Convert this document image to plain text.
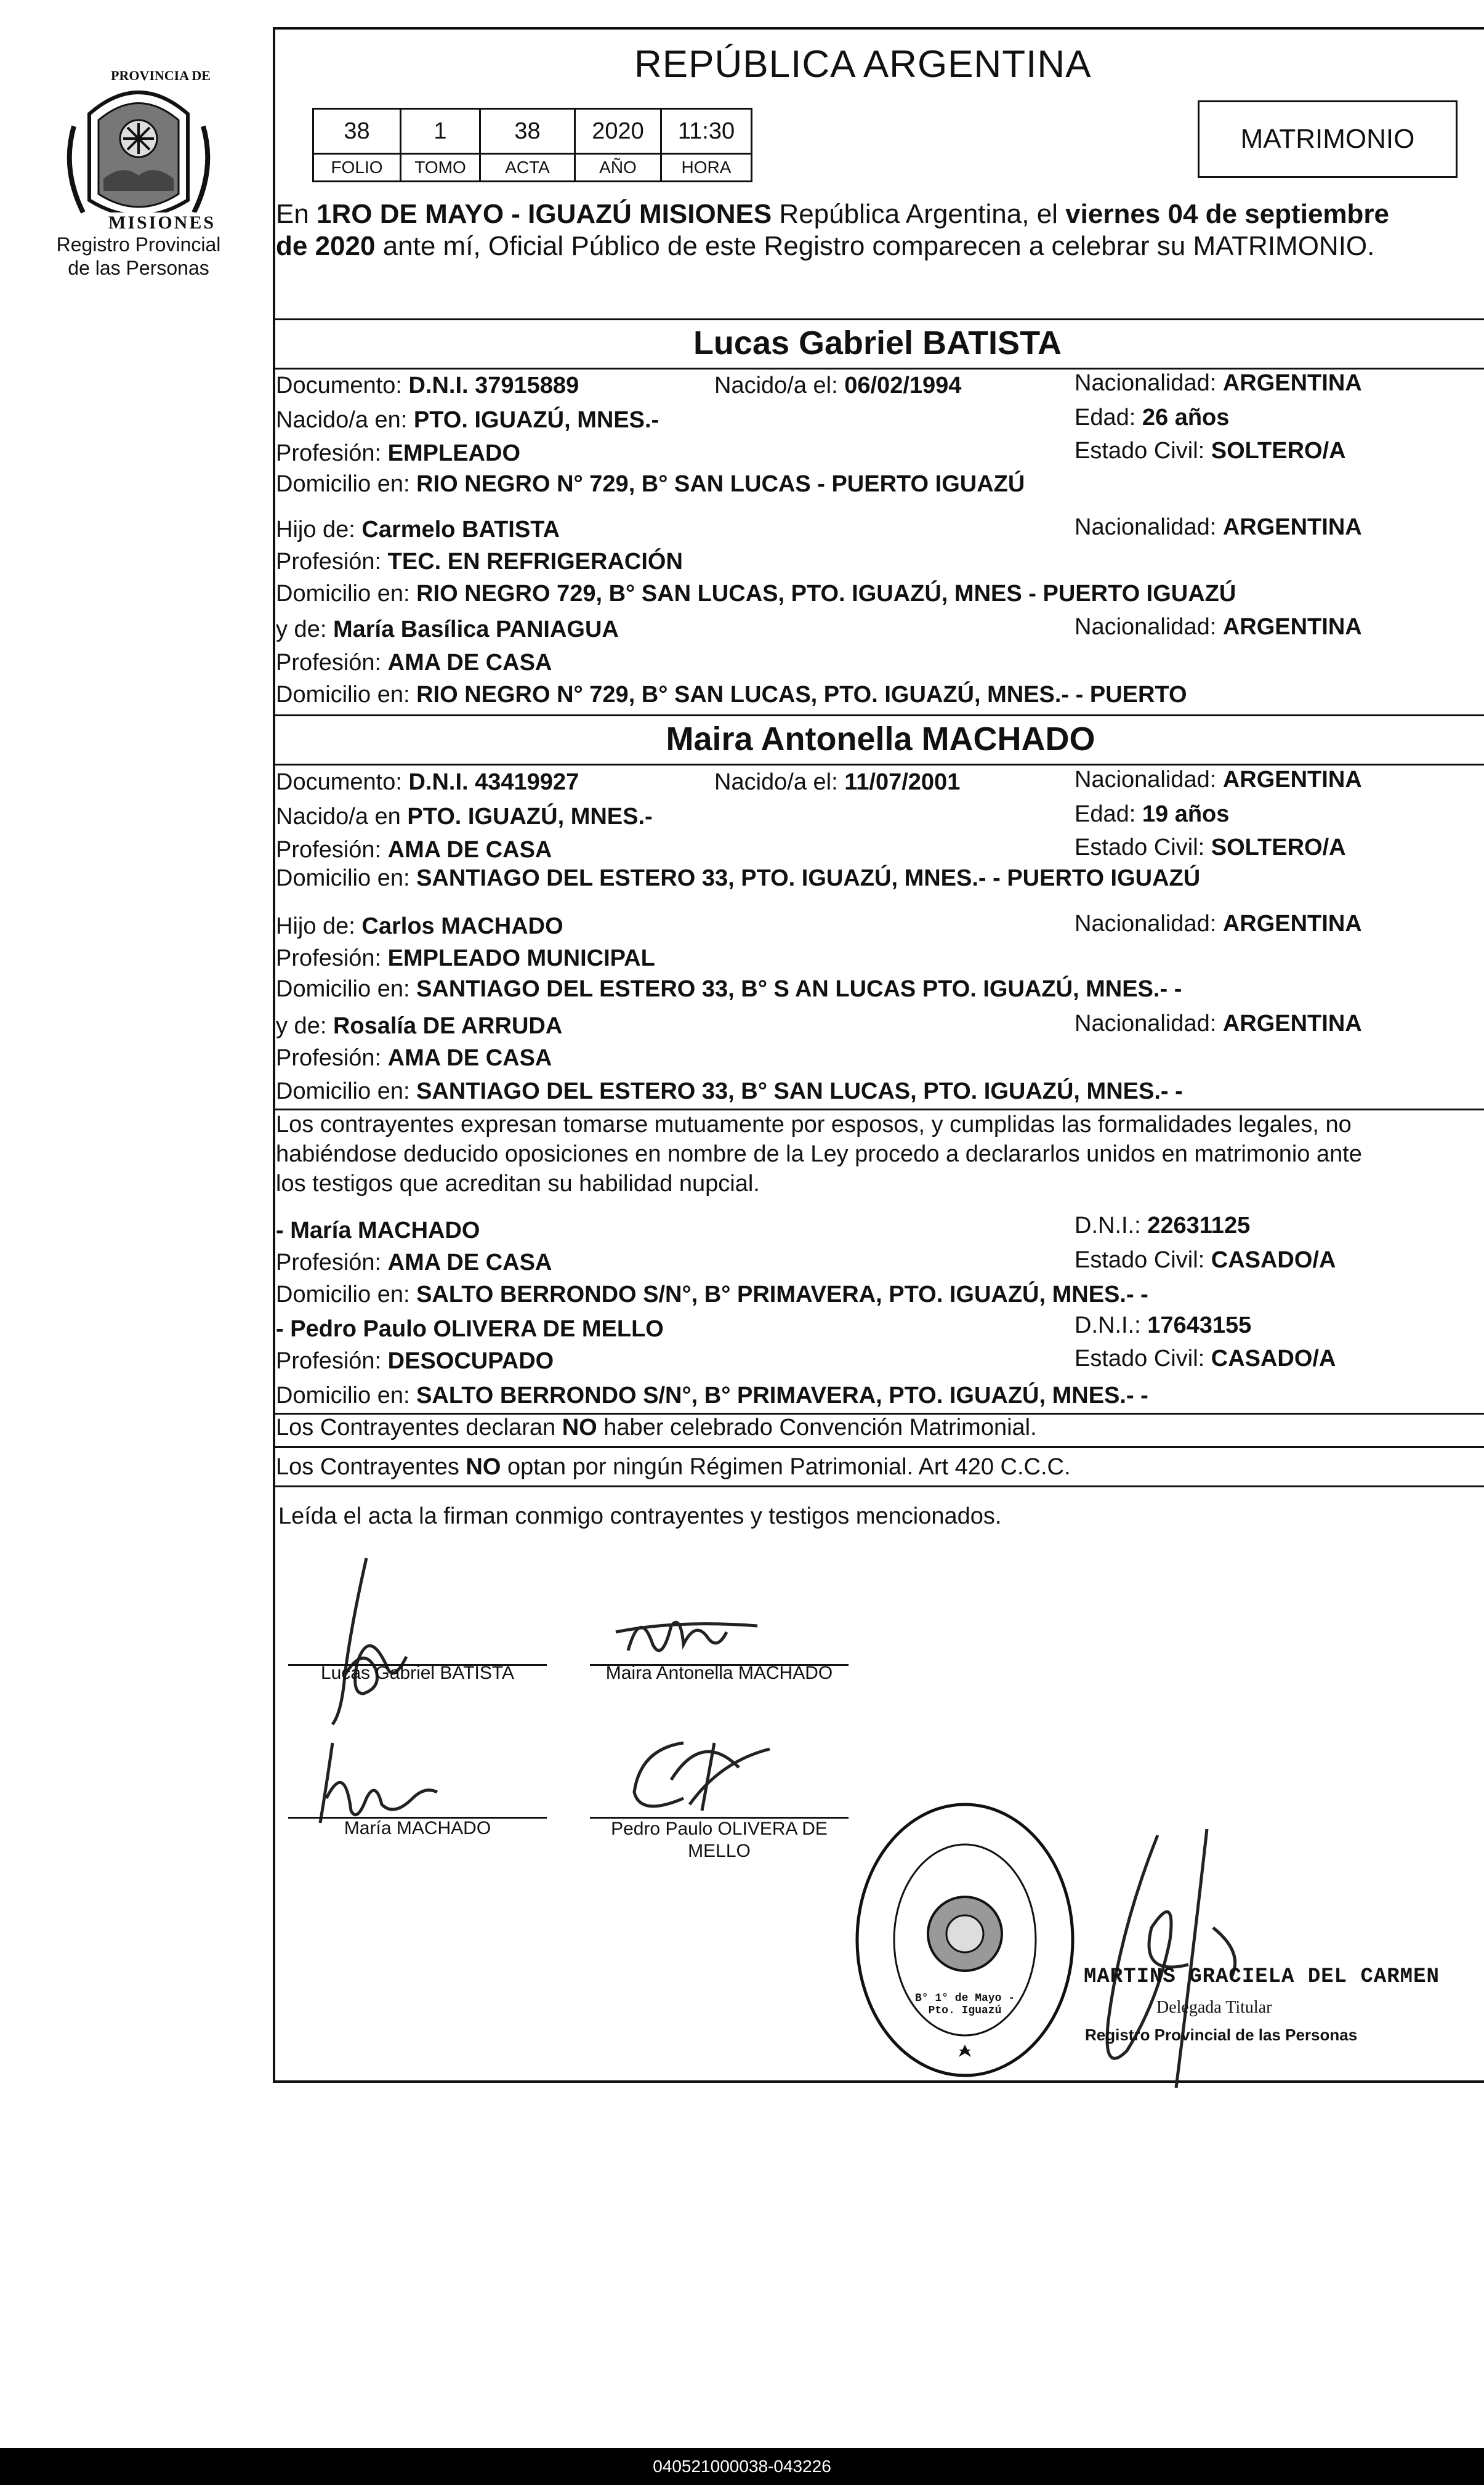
PROVINCIA DE
MISIONES
Registro Provincial
de las Personas
REPÚBLICA ARGENTINA
38	1	38	2020	11:30
FOLIO	TOMO	ACTA	AÑO	HORA
MATRIMONIO
En 1RO DE MAYO - IGUAZÚ MISIONES República Argentina, el viernes 04 de septiembre
de 2020 ante mí, Oficial Público de este Registro comparecen a celebrar su MATRIMONIO.
Lucas Gabriel BATISTA
Documento: D.N.I. 37915889	Nacido/a el: 06/02/1994	Nacionalidad: ARGENTINA
Nacido/a en: PTO. IGUAZÚ, MNES.-	Edad: 26 años
Profesión: EMPLEADO	Estado Civil: SOLTERO/A
Domicilio en: RIO NEGRO N° 729, B° SAN LUCAS - PUERTO IGUAZÚ
Hijo de: Carmelo BATISTA	Nacionalidad: ARGENTINA
Profesión: TEC. EN REFRIGERACIÓN
Domicilio en: RIO NEGRO 729, B° SAN LUCAS, PTO. IGUAZÚ, MNES - PUERTO IGUAZÚ
y de: María Basílica PANIAGUA	Nacionalidad: ARGENTINA
Profesión: AMA DE CASA
Domicilio en: RIO NEGRO N° 729, B° SAN LUCAS, PTO. IGUAZÚ, MNES.- - PUERTO
Maira Antonella MACHADO
Documento: D.N.I. 43419927	Nacido/a el: 11/07/2001	Nacionalidad: ARGENTINA
Nacido/a en PTO. IGUAZÚ, MNES.-	Edad: 19 años
Profesión: AMA DE CASA	Estado Civil: SOLTERO/A
Domicilio en: SANTIAGO DEL ESTERO 33, PTO. IGUAZÚ, MNES.- - PUERTO IGUAZÚ
Hijo de: Carlos MACHADO	Nacionalidad: ARGENTINA
Profesión: EMPLEADO MUNICIPAL
Domicilio en: SANTIAGO DEL ESTERO 33, B° S AN LUCAS PTO. IGUAZÚ, MNES.- -
y de: Rosalía DE ARRUDA	Nacionalidad: ARGENTINA
Profesión: AMA DE CASA
Domicilio en: SANTIAGO DEL ESTERO 33, B° SAN LUCAS, PTO. IGUAZÚ, MNES.- -
Los contrayentes expresan tomarse mutuamente por esposos, y cumplidas las formalidades legales, no
habiéndose deducido oposiciones en nombre de la Ley procedo a declararlos unidos en matrimonio ante
los testigos que acreditan su habilidad nupcial.
- María MACHADO	D.N.I.: 22631125
Profesión: AMA DE CASA	Estado Civil: CASADO/A
Domicilio en: SALTO BERRONDO S/N°, B° PRIMAVERA, PTO. IGUAZÚ, MNES.- -
- Pedro Paulo OLIVERA DE MELLO	D.N.I.: 17643155
Profesión: DESOCUPADO	Estado Civil: CASADO/A
Domicilio en: SALTO BERRONDO S/N°, B° PRIMAVERA, PTO. IGUAZÚ, MNES.- -
Los Contrayentes declaran NO haber celebrado Convención Matrimonial.
Los Contrayentes NO optan por ningún Régimen Patrimonial. Art 420 C.C.C.
Leída el acta la firman conmigo contrayentes y testigos mencionados.
Lucas Gabriel BATISTA	Maira Antonella MACHADO
María MACHADO	Pedro Paulo OLIVERA DE
MELLO
B° 1° de Mayo - Pto. Iguazú
MARTINS GRACIELA DEL CARMEN
Delegada Titular
Registro Provincial de las Personas
040521000038-043226
